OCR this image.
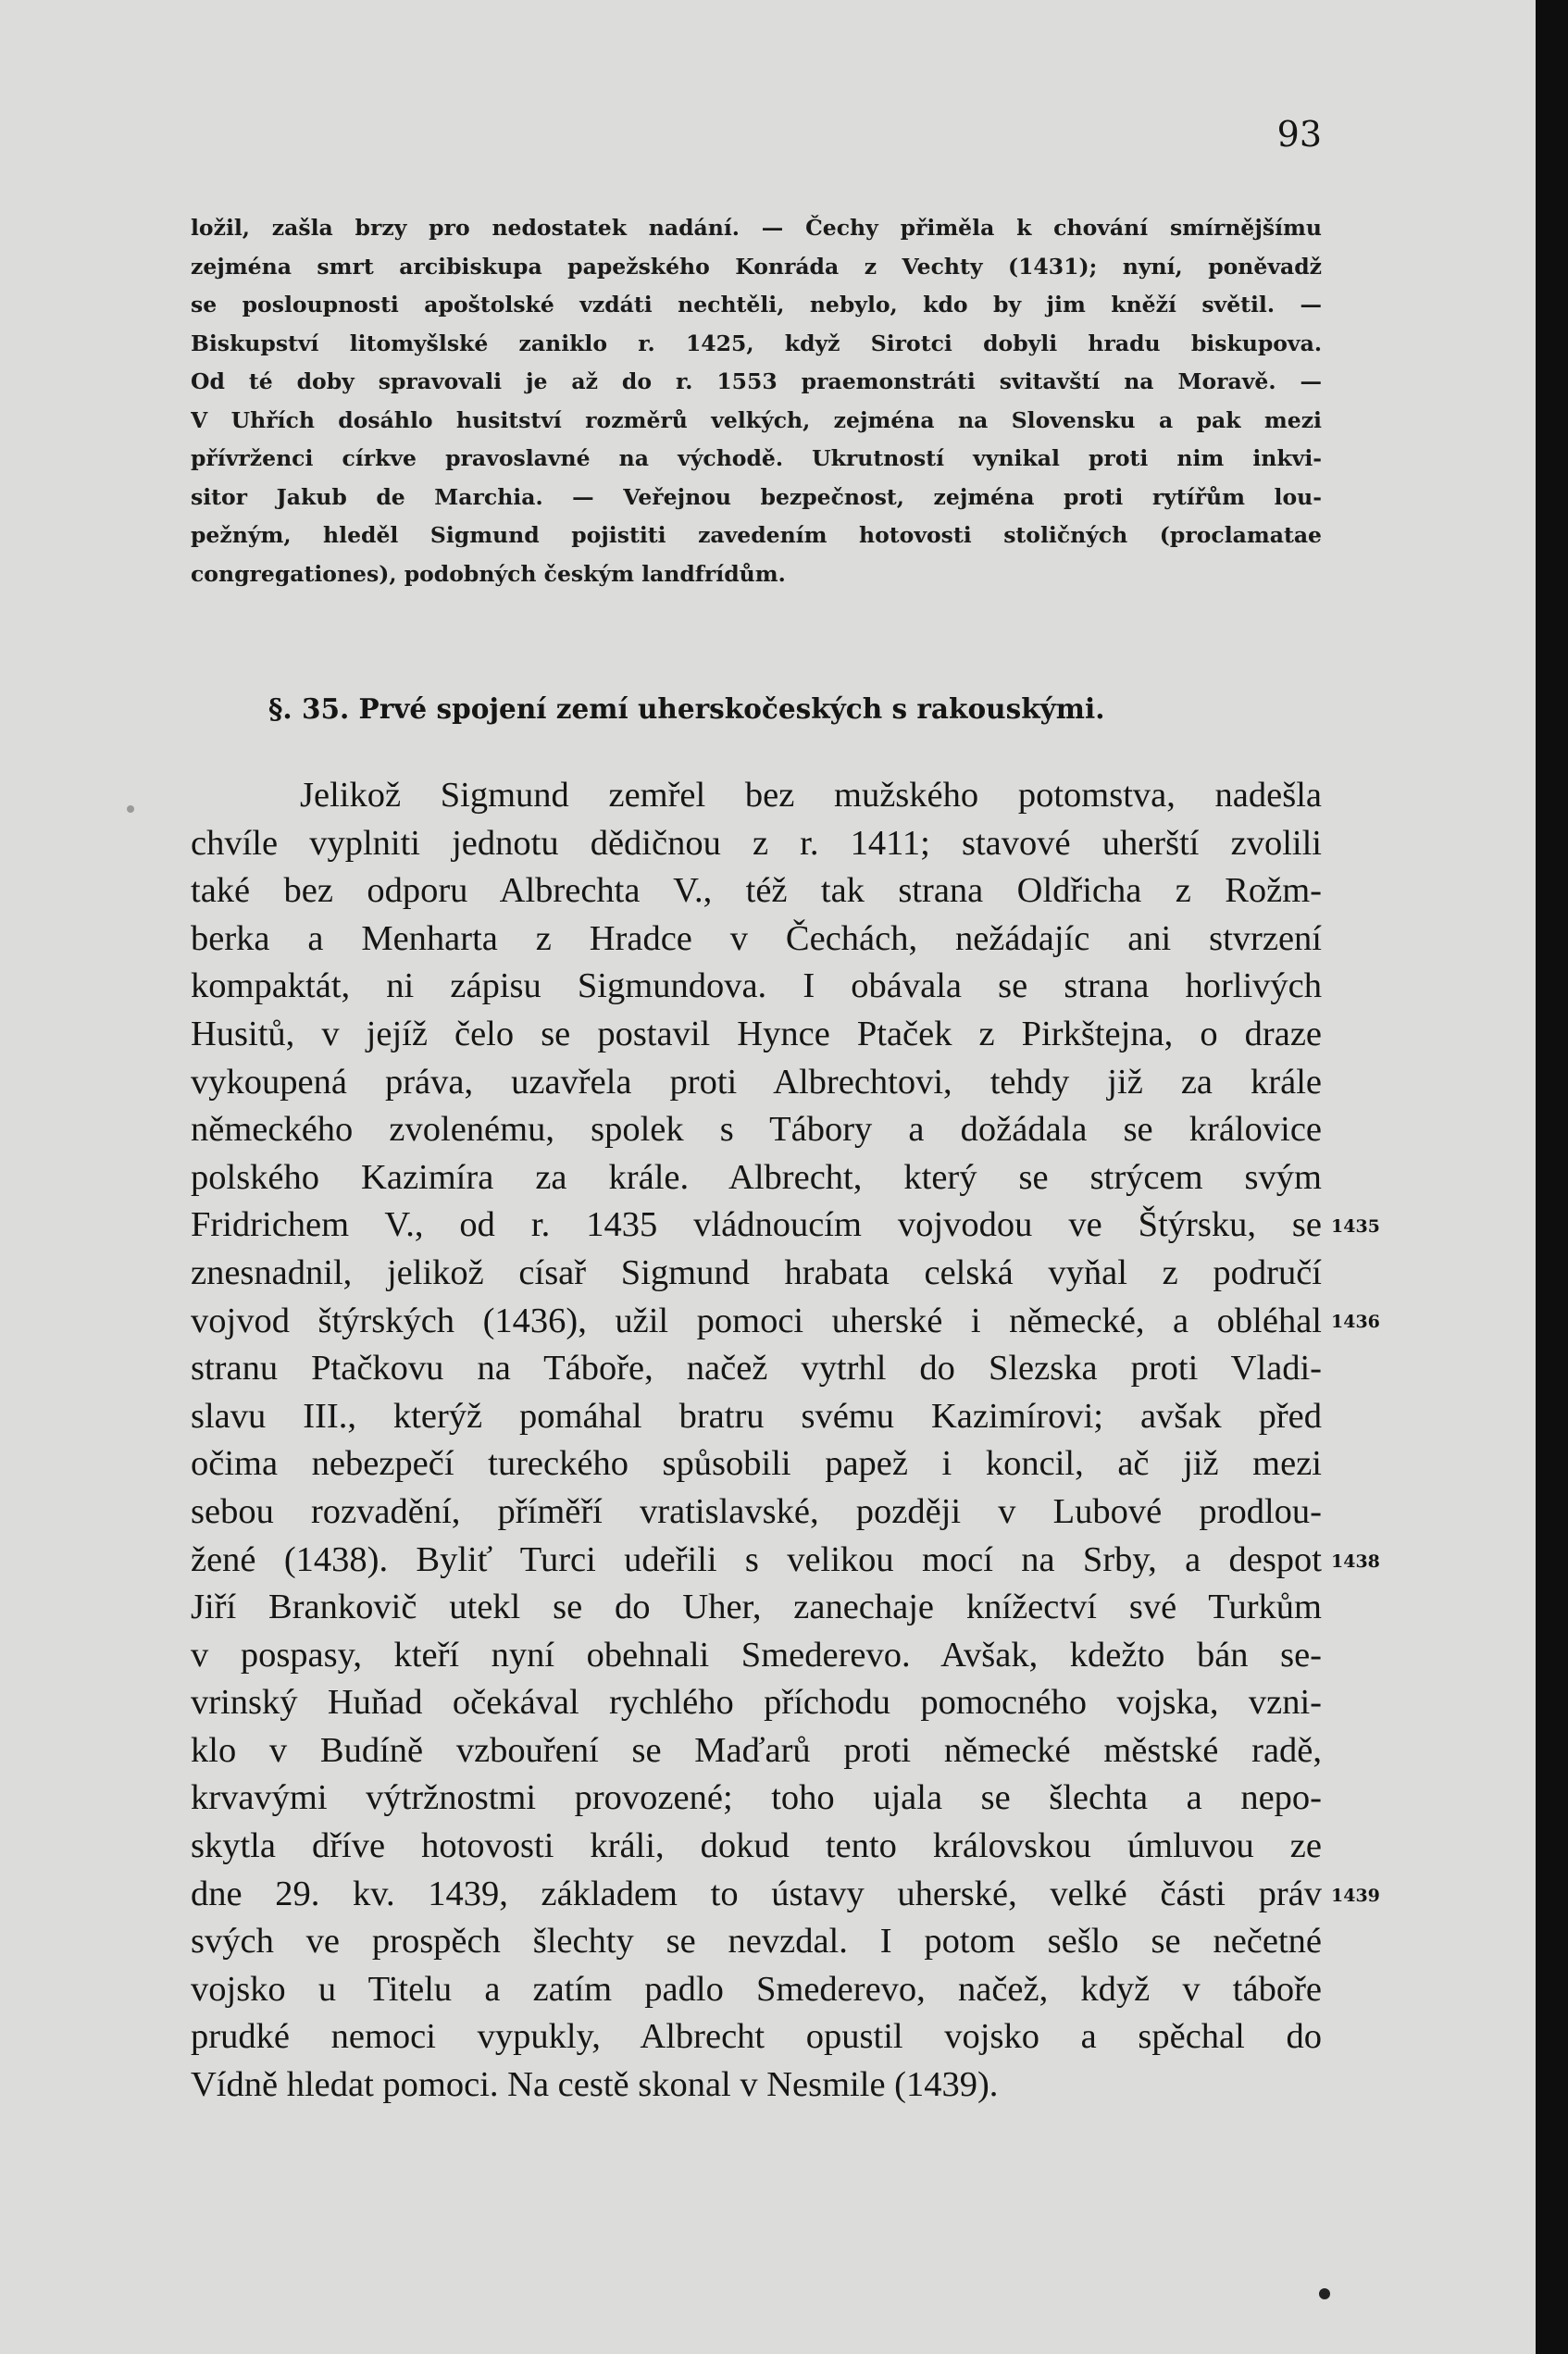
93
ložil, zašla brzy pro nedostatek nadání. — Čechy přiměla k chování smírnějšímu
zejména smrt arcibiskupa papežského Konráda z Vechty (1431); nyní, poněvadž
se posloupnosti apoštolské vzdáti nechtěli, nebylo, kdo by jim kněží světil. —
Biskupství litomyšlské zaniklo r. 1425, když Sirotci dobyli hradu biskupova.
Od té doby spravovali je až do r. 1553 praemonstráti svitavští na Moravě. —
V Uhřích dosáhlo husitství rozměrů velkých, zejména na Slovensku a pak mezi
přívrženci církve pravoslavné na východě. Ukrutností vynikal proti nim inkvi-
sitor Jakub de Marchia. — Veřejnou bezpečnost, zejména proti rytířům lou-
pežným, hleděl Sigmund pojistiti zavedením hotovosti stoličných (proclamatae
congregationes), podobných českým landfrídům.
§. 35. Prvé spojení zemí uherskočeských s rakouskými.
Jelikož Sigmund zemřel bez mužského potomstva, nadešla
chvíle vyplniti jednotu dědičnou z r. 1411; stavové uherští zvolili
také bez odporu Albrechta V., též tak strana Oldřicha z Rožm-
berka a Menharta z Hradce v Čechách, nežádajíc ani stvrzení
kompaktát, ni zápisu Sigmundova. I obávala se strana horlivých
Husitů, v jejíž čelo se postavil Hynce Ptaček z Pirkštejna, o draze
vykoupená práva, uzavřela proti Albrechtovi, tehdy již za krále
německého zvolenému, spolek s Tábory a dožádala se královice
polského Kazimíra za krále. Albrecht, který se strýcem svým
Fridrichem V., od r. 1435 vládnoucím vojvodou ve Štýrsku, se
znesnadnil, jelikož císař Sigmund hrabata celská vyňal z područí
vojvod štýrských (1436), užil pomoci uherské i německé, a obléhal
stranu Ptačkovu na Táboře, načež vytrhl do Slezska proti Vladi-
slavu III., kterýž pomáhal bratru svému Kazimírovi; avšak před
očima nebezpečí tureckého spůsobili papež i koncil, ač již mezi
sebou rozvadění, příměří vratislavské, později v Lubové prodlou-
žené (1438). Byliť Turci udeřili s velikou mocí na Srby, a despot
Jiří Brankovič utekl se do Uher, zanechaje knížectví své Turkům
v pospasy, kteří nyní obehnali Smederevo. Avšak, kdežto bán se-
vrinský Huňad očekával rychlého příchodu pomocného vojska, vzni-
klo v Budíně vzbouření se Maďarů proti německé městské radě,
krvavými výtržnostmi provozené; toho ujala se šlechta a nepo-
skytla dříve hotovosti králi, dokud tento královskou úmluvou ze
dne 29. kv. 1439, základem to ústavy uherské, velké části práv
svých ve prospěch šlechty se nevzdal. I potom sešlo se nečetné
vojsko u Titelu a zatím padlo Smederevo, načež, když v táboře
prudké nemoci vypukly, Albrecht opustil vojsko a spěchal do
Vídně hledat pomoci. Na cestě skonal v Nesmile (1439).
1435
1436
1438
1439
